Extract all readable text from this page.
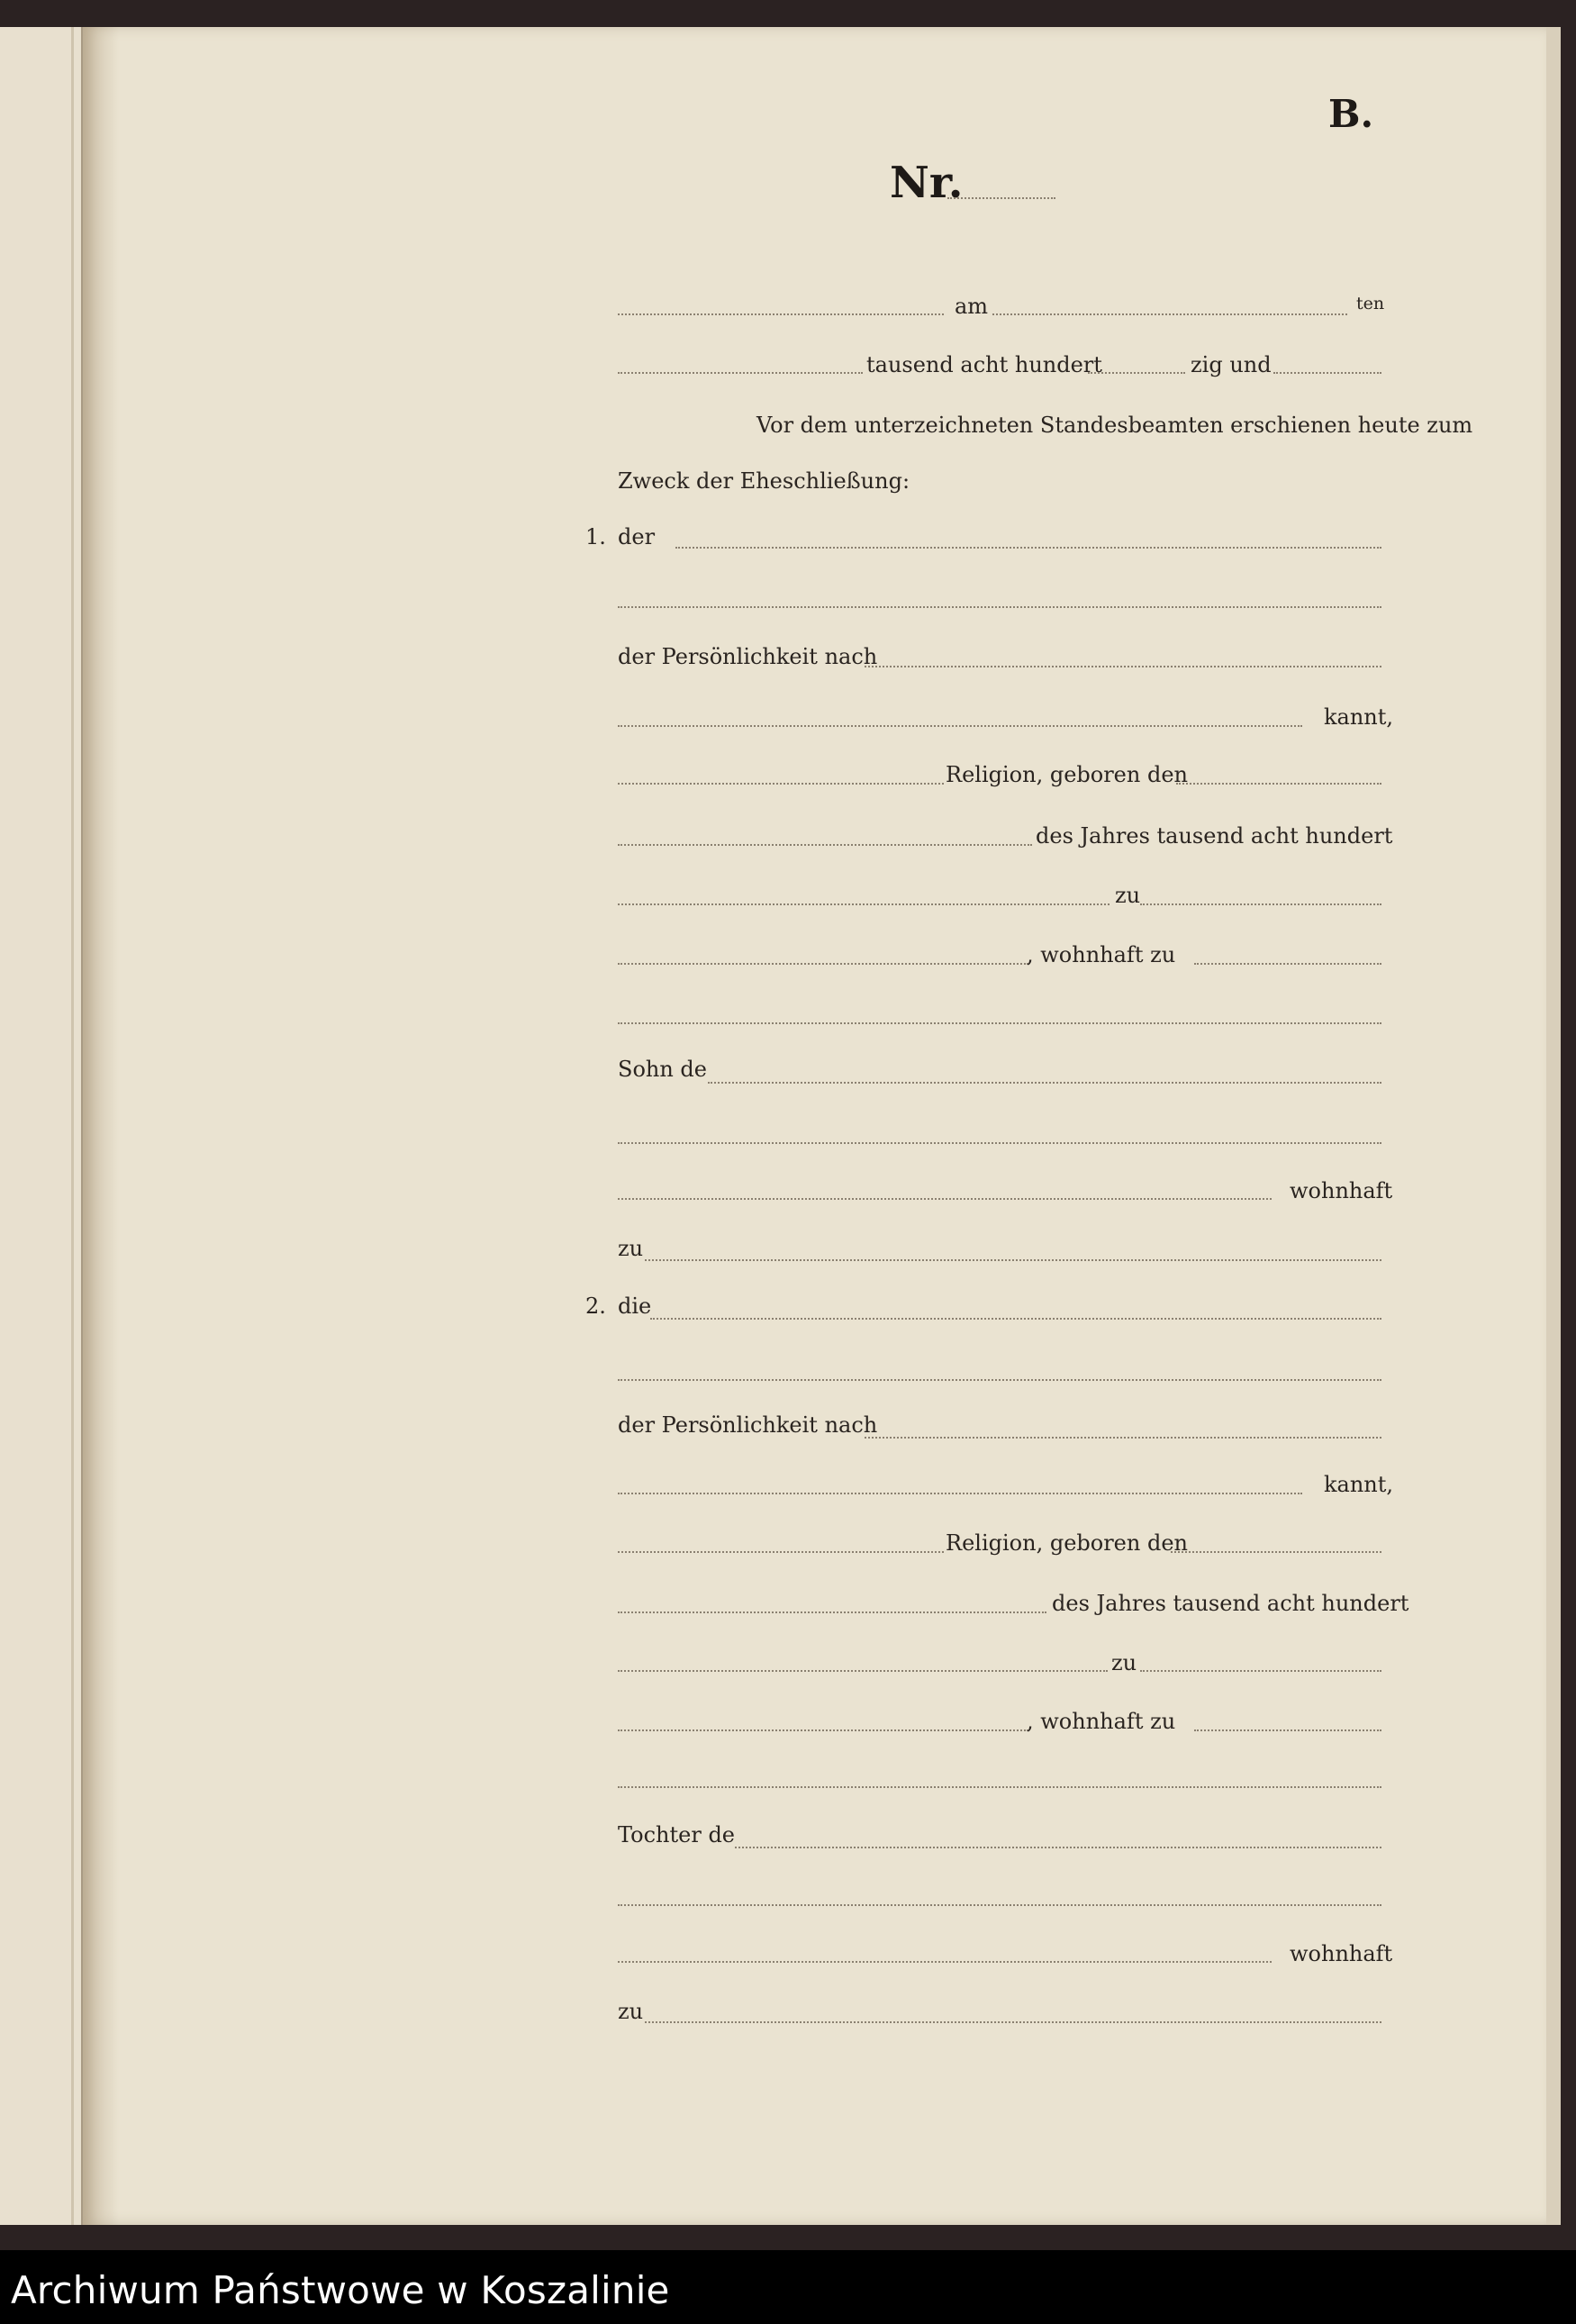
B.
Nr.
am	ten
tausend acht hundert	zig und
Vor dem unterzeichneten Standesbeamten erschienen heute zum
Zweck der Eheschließung:
1. der
der Persönlichkeit nach
kannt,
Religion, geboren den
des Jahres tausend acht hundert
zu
, wohnhaft zu
Sohn de
wohnhaft
zu
2. die
der Persönlichkeit nach
kannt,
Religion, geboren den
des Jahres tausend acht hundert
zu
, wohnhaft zu
Tochter de
wohnhaft
zu
Archiwum Państwowe w Koszalinie
